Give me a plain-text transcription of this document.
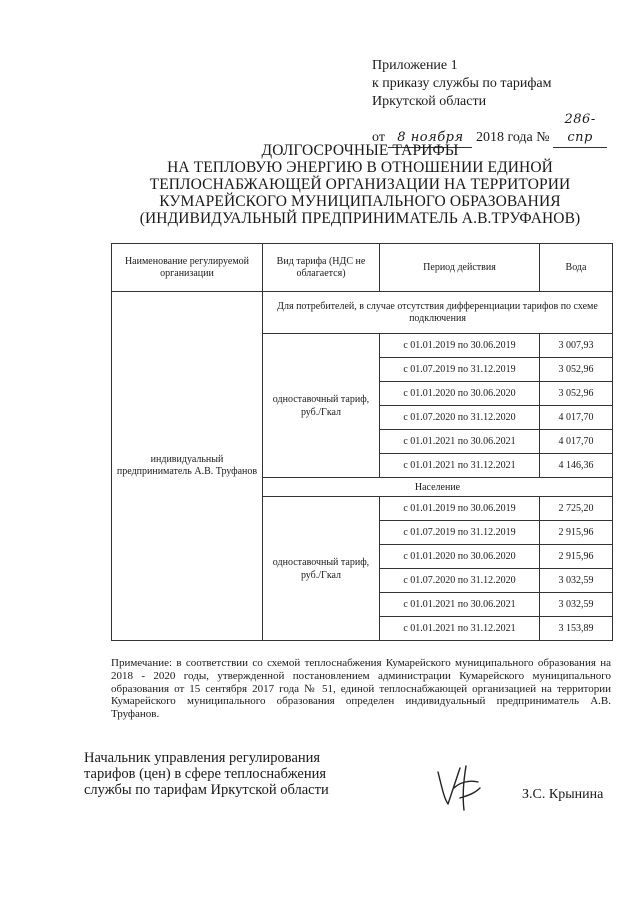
Приложение 1
к приказу службы по тарифам
Иркутской области
от 8 ноября 2018 года № 286-спр
ДОЛГОСРОЧНЫЕ ТАРИФЫ
НА ТЕПЛОВУЮ ЭНЕРГИЮ В ОТНОШЕНИИ ЕДИНОЙ
ТЕПЛОСНАБЖАЮЩЕЙ ОРГАНИЗАЦИИ НА ТЕРРИТОРИИ
КУМАРЕЙСКОГО МУНИЦИПАЛЬНОГО ОБРАЗОВАНИЯ
(ИНДИВИДУАЛЬНЫЙ ПРЕДПРИНИМАТЕЛЬ А.В.ТРУФАНОВ)
Наименование регулируемой организации	Вид тарифа (НДС не облагается)	Период действия	Вода
индивидуальный предприниматель А.В. Труфанов	Для потребителей, в случае отсутствия дифференциации тарифов по схеме подключения		
	одноставочный тариф, руб./Гкал	с 01.01.2019 по 30.06.2019	3 007,93
		с 01.07.2019 по 31.12.2019	3 052,96
		с 01.01.2020 по 30.06.2020	3 052,96
		с 01.07.2020 по 31.12.2020	4 017,70
		с 01.01.2021 по 30.06.2021	4 017,70
		с 01.01.2021 по 31.12.2021	4 146,36
	Население		
	одноставочный тариф, руб./Гкал	с 01.01.2019 по 30.06.2019	2 725,20
		с 01.07.2019 по 31.12.2019	2 915,96
		с 01.01.2020 по 30.06.2020	2 915,96
		с 01.07.2020 по 31.12.2020	3 032,59
		с 01.01.2021 по 30.06.2021	3 032,59
		с 01.01.2021 по 31.12.2021	3 153,89
Примечание: в соответствии со схемой теплоснабжения Кумарейского муниципального образования на 2018 - 2020 годы, утвержденной постановлением администрации Кумарейского муниципального образования от 15 сентября 2017 года № 51, единой теплоснабжающей организацией на территории Кумарейского муниципального образования определен индивидуальный предприниматель А.В. Труфанов.
Начальник управления регулирования
тарифов (цен) в сфере теплоснабжения
службы по тарифам Иркутской области	З.С. Крынина
